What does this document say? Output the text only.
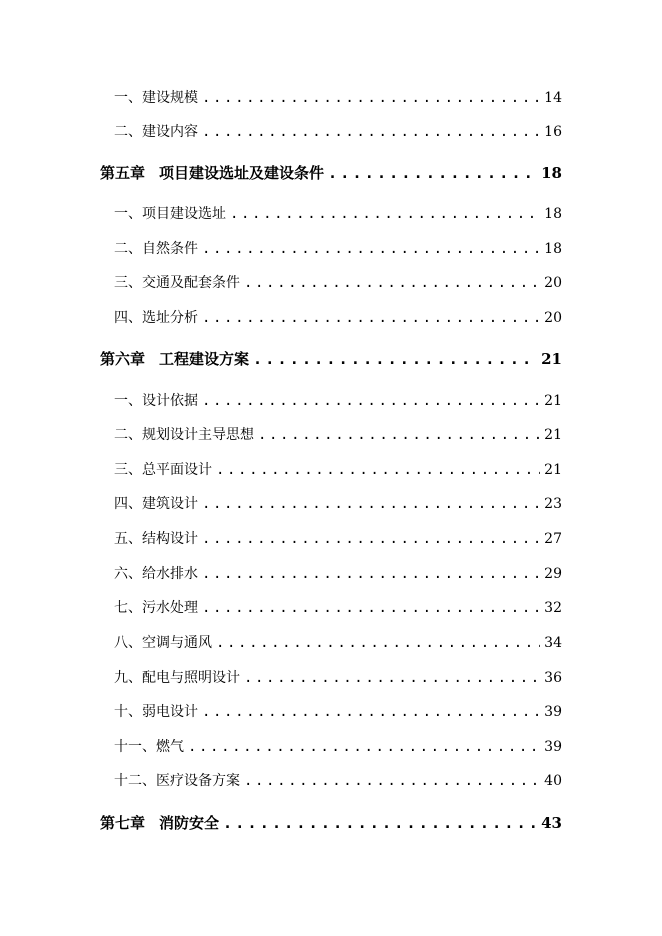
一、建设规模 .....	14
二、建设内容 .....	16
第五章 项目建设选址及建设条件 .....	18
一、项目建设选址 .....	18
二、自然条件 .....	18
三、交通及配套条件 .....	20
四、选址分析 .....	20
第六章 工程建设方案 .....	21
一、设计依据 .....	21
二、规划设计主导思想 .....	21
三、总平面设计 .....	21
四、建筑设计 .....	23
五、结构设计 .....	27
六、给水排水 .....	29
七、污水处理 .....	32
八、空调与通风 .....	34
九、配电与照明设计 .....	36
十、弱电设计 .....	39
十一、燃气 .....	39
十二、医疗设备方案 .....	40
第七章 消防安全 .....	43
